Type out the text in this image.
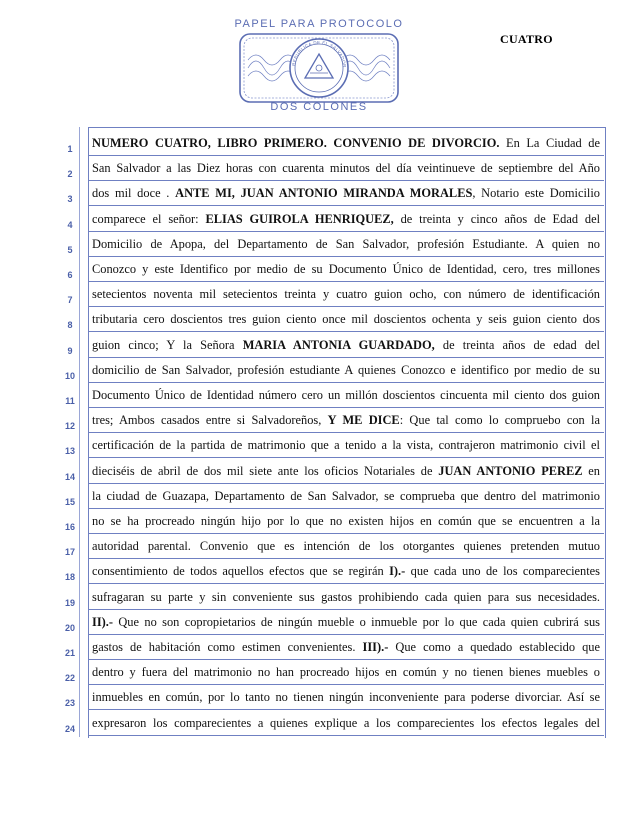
PAPEL PARA PROTOCOLO
CUATRO
REPUBLICA DE EL SALVADOR
DOS COLONES
1	NUMERO CUATRO, LIBRO PRIMERO. CONVENIO DE DIVORCIO. En La Ciudad de
2	San Salvador a las Diez horas con cuarenta minutos del día veintinueve de septiembre del Año
3	dos mil doce . ANTE MI, JUAN ANTONIO MIRANDA MORALES, Notario este Domicilio
4	comparece el señor: ELIAS GUIROLA HENRIQUEZ, de treinta y cinco años de Edad del
5	Domicilio de Apopa, del Departamento de San Salvador, profesión Estudiante. A quien no
6	Conozco y este Identifico por medio de su Documento Único de Identidad, cero, tres millones
7	setecientos noventa mil setecientos treinta y cuatro guion ocho, con número de identificación
8	tributaria cero doscientos tres guion ciento once mil doscientos ochenta y seis guion ciento dos
9	guion cinco; Y la Señora MARIA ANTONIA GUARDADO, de treinta años de edad del
10	domicilio de San Salvador, profesión estudiante A quienes Conozco e identifico por medio de su
11	Documento Único de Identidad número cero un millón doscientos cincuenta mil ciento dos guion
12	tres; Ambos casados entre si Salvadoreños, Y ME DICE: Que tal como lo compruebo con la
13	certificación de la partida de matrimonio que a tenido a la vista, contrajeron matrimonio civil el
14	dieciséis de abril de dos mil siete ante los oficios Notariales de JUAN ANTONIO PEREZ en
15	la ciudad de Guazapa, Departamento de San Salvador, se comprueba que dentro del matrimonio
16	no se ha procreado ningún hijo por lo que no existen hijos en común que se encuentren a la
17	autoridad parental. Convenio que es intención de los otorgantes quienes pretenden mutuo
18	consentimiento de todos aquellos efectos que se regirán I).- que cada uno de los comparecientes
19	sufragaran su parte y sin conveniente sus gastos prohibiendo cada quien para sus necesidades.
20	II).- Que no son copropietarios de ningún mueble o inmueble por lo que cada quien cubrirá sus
21	gastos de habitación como estimen convenientes. III).- Que como a quedado establecido que
22	dentro y fuera del matrimonio no han procreado hijos en común y no tienen bienes muebles o
23	inmuebles en común, por lo tanto no tienen ningún inconveniente para poderse divorciar. Así se
24	expresaron los comparecientes a quienes explique a los comparecientes los efectos legales del
